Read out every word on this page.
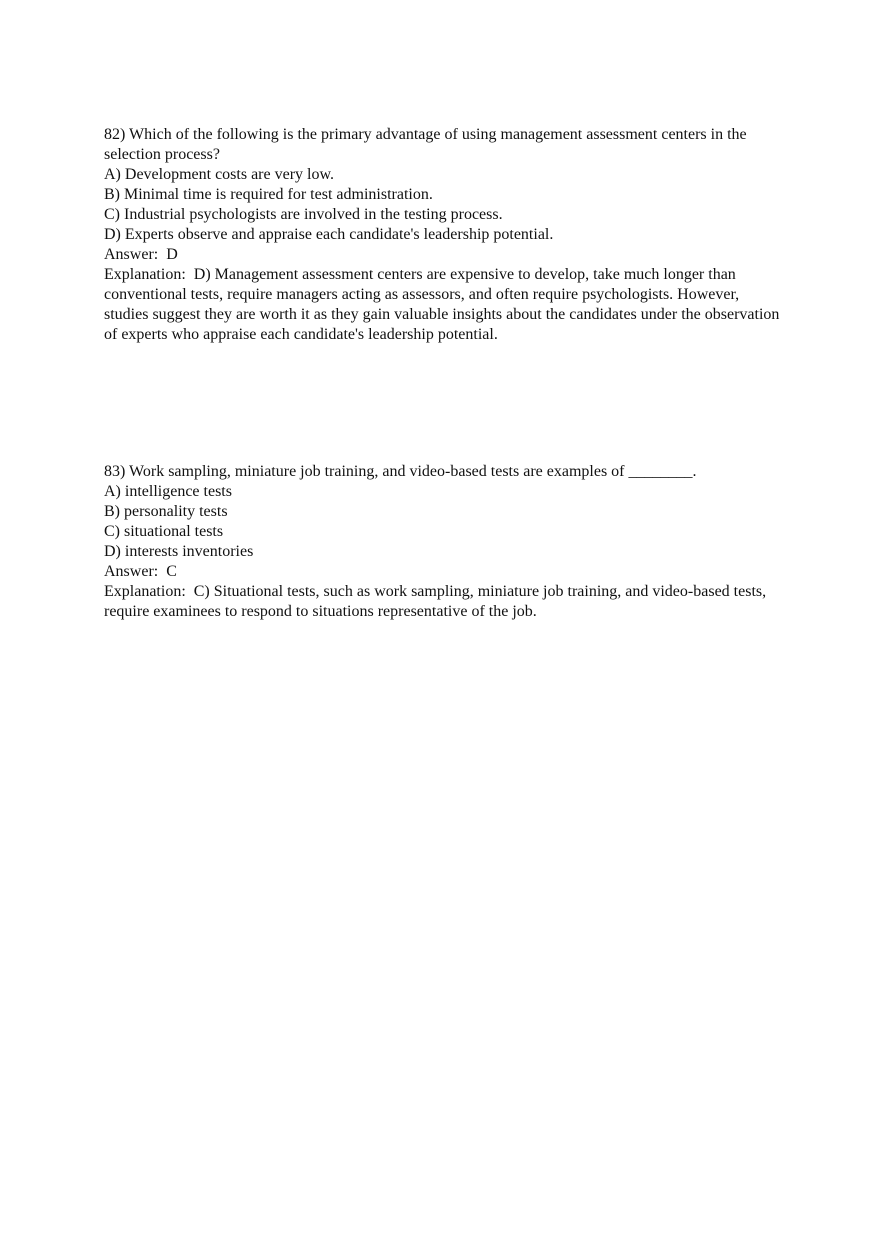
82) Which of the following is the primary advantage of using management assessment centers in the selection process?
A) Development costs are very low.
B) Minimal time is required for test administration.
C) Industrial psychologists are involved in the testing process.
D) Experts observe and appraise each candidate's leadership potential.
Answer:  D
Explanation:  D) Management assessment centers are expensive to develop, take much longer than conventional tests, require managers acting as assessors, and often require psychologists. However, studies suggest they are worth it as they gain valuable insights about the candidates under the observation of experts who appraise each candidate's leadership potential.
83) Work sampling, miniature job training, and video-based tests are examples of ________.
A) intelligence tests
B) personality tests
C) situational tests
D) interests inventories
Answer:  C
Explanation:  C) Situational tests, such as work sampling, miniature job training, and video-based tests, require examinees to respond to situations representative of the job.
